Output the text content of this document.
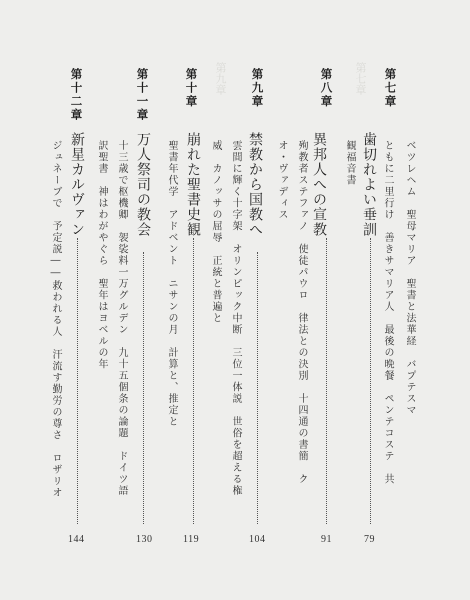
第七章
第九章	第七章
歯切れよい垂訓	ベツレヘム　聖母マリア　聖書と法華経　バプテスマ
ともに二里行け　善きサマリア人　最後の晩餐　ペンテコステ　共
観福音書
79
第八章
異邦人への宣教
殉教者ステファノ　使徒パウロ　律法との決別　十四通の書簡　ク
オ・ヴァディス
91
第九章
禁教から国教へ
雲間に輝く十字架　オリンピック中断　三位一体説　世俗を超える権
威　カノッサの屈辱　正統と普遍と
104
第十章
崩れた聖書史観
聖書年代学　アドベント　ニサンの月　計算と、推定と
119
第十一章
万人祭司の教会
十三歳で枢機卿　袈裟料一万グルデン　九十五個条の論題　ドイツ語
訳聖書　神はわがやぐら　聖年はヨベルの年
130
第十二章
新星カルヴァン
ジュネーブで　予定説――救われる人　汗流す勤労の尊さ　ロザリオ
144
